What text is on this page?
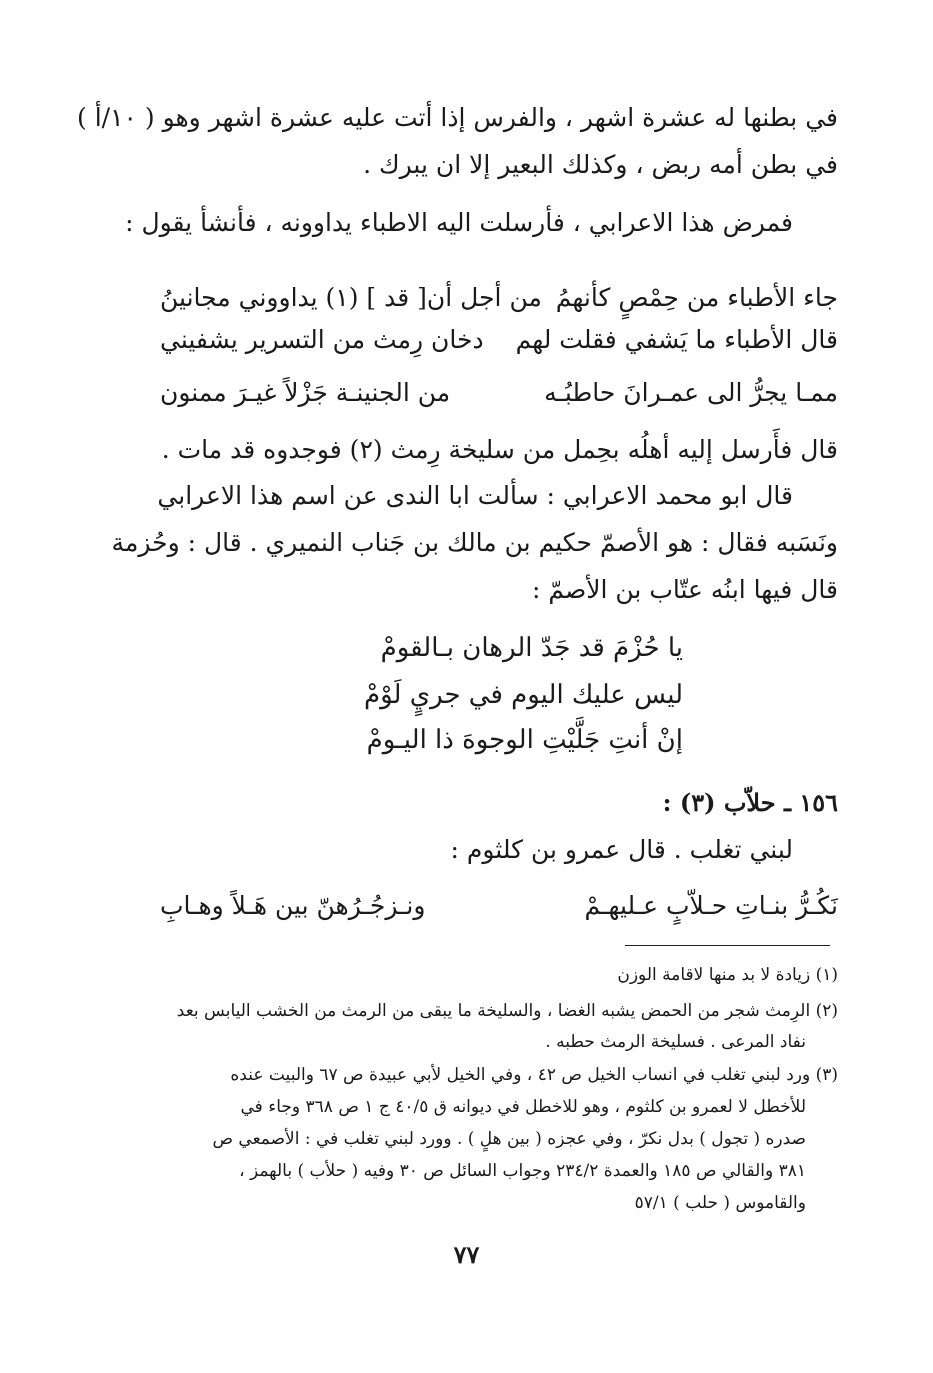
في بطنها له عشرة اشهر ، والفرس إذا أتت عليه عشرة اشهر وهو ( ١٠/أ )
في بطن أمه ربض ، وكذلك البعير إلا ان يبرك .
فمرض هذا الاعرابي ، فأرسلت اليه الاطباء يداوونه ، فأنشأ يقول :
جاء الأطباء من حِمْصٍ كأنهمُ
من أجل أن[ قد ] (١) يداووني مجانينُ
قال الأطباء ما يَشفي فقلت لهم
دخان رِمث من التسرير يشفيني
ممـا يجرُّ الى عمـرانَ حاطبُـه
من الجنينـة جَزْلاً غيـرَ ممنون
قال فأَرسل إليه أهلُه بحِمل من سليخة رِمث (٢) فوجدوه قد مات .
قال ابو محمد الاعرابي : سألت ابا الندى عن اسم هذا الاعرابي
ونَسَبه فقال : هو الأصمّ حكيم بن مالك بن جَناب النميري . قال : وحُزمة
قال فيها ابنُه عتّاب بن الأصمّ :
يا حُزْمَ قد جَدّ الرهان بـالقومْ
ليس عليك اليوم في جريٍ لَوْمْ
إنْ أنتِ جَلَّيْتِ الوجوهَ ذا اليـومْ
١٥٦ ـ حلاّب (٣) :
لبني تغلب . قال عمرو بن كلثوم :
نَكُـرُّ بنـاتِ حـلاّبٍ عـليهـمْ
ونـزجُـرُهنّ بين هَـلاً وهـابِ
(١) زيادة لا بد منها لاقامة الوزن
(٢) الرِمث شجر من الحمض يشبه الغضا ، والسليخة ما يبقى من الرمث من الخشب اليابس بعد
نفاد المرعى . فسليخة الرمث حطبه .
(٣) ورد لبني تغلب في انساب الخيل ص ٤٢ ، وفي الخيل لأبي عبيدة ص ٦٧ والبيت عنده
للأخطل لا لعمرو بن كلثوم ، وهو للاخطل في ديوانه ق ٤٠/٥ ج ١ ص ٣٦٨ وجاء في
صدره ( تجول ) بدل نكرّ ، وفي عجزه ( بين هلٍ ) . وورد لبني تغلب في : الأصمعي ص
٣٨١ والقالي ص ١٨٥ والعمدة ٢٣٤/٢ وجواب السائل ص ٣٠ وفيه ( حلأب ) بالهمز ،
والقاموس ( حلب ) ٥٧/١
٧٧
